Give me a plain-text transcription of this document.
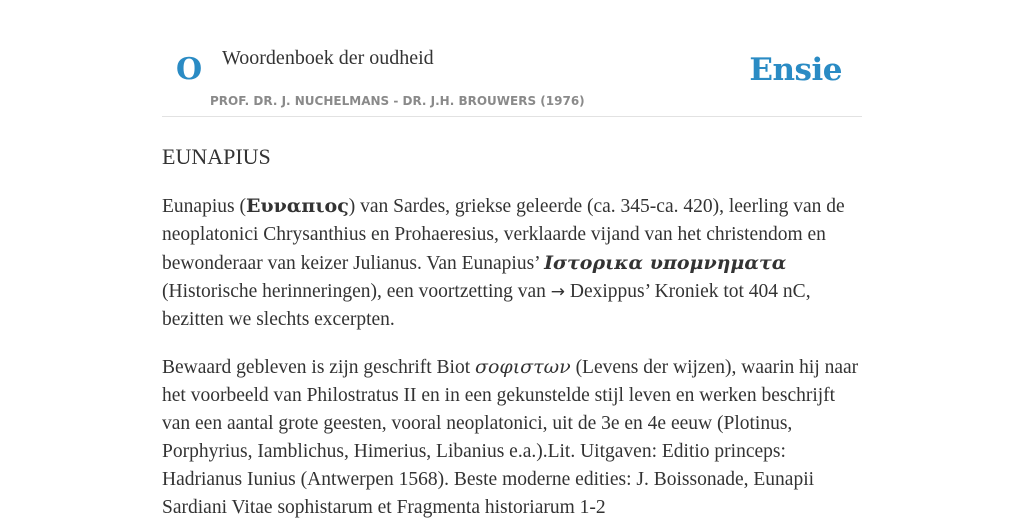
O Woordenboek der oudheid	Ensie
PROF. DR. J. NUCHELMANS - DR. J.H. BROUWERS (1976)
EUNAPIUS

Eunapius (Ευναπιος) van Sardes, griekse geleerde (ca. 345-ca. 420), leerling van de neoplatonici Chrysanthius en Prohaeresius, verklaarde vijand van het christendom en bewonderaar van keizer Julianus. Van Eunapius’ Ιστορικα υπομνηματα (Historische herinneringen), een voortzetting van → Dexippus’ Kroniek tot 404 nC, bezitten we slechts excerpten.

Bewaard gebleven is zijn geschrift Biot σοφιστων (Levens der wijzen), waarin hij naar het voorbeeld van Philostratus II en in een gekunstelde stijl leven en werken beschrijft van een aantal grote geesten, vooral neoplatonici, uit de 3e en 4e eeuw (Plotinus, Porphyrius, Iamblichus, Himerius, Libanius e.a.).Lit. Uitgaven: Editio princeps: Hadrianus Iunius (Antwerpen 1568). Beste moderne edities: J. Boissonade, Eunapii Sardiani Vitae sophistarum et Fragmenta historiarum 1-2
